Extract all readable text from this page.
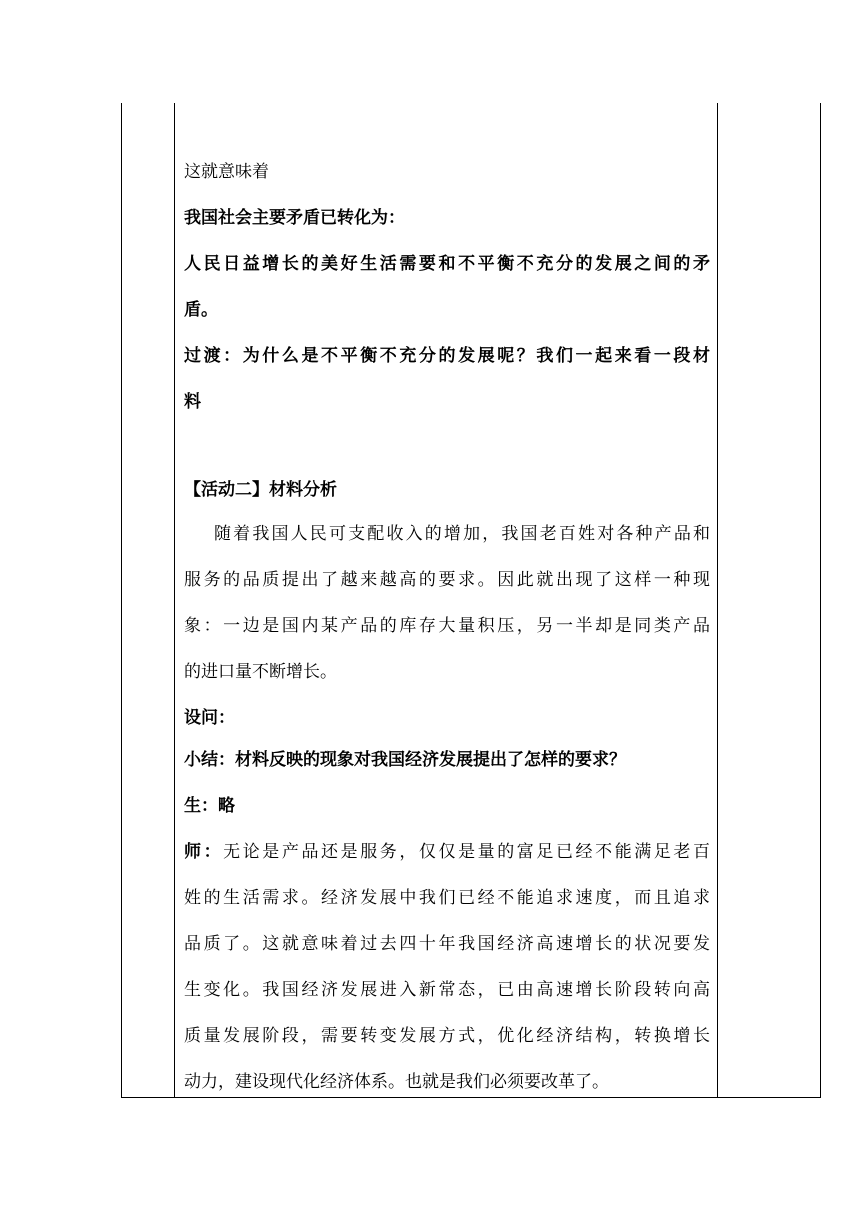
这就意味着
我国社会主要矛盾已转化为：
人民日益增长的美好生活需要和不平衡不充分的发展之间的矛
盾。
过渡：为什么是不平衡不充分的发展呢？我们一起来看一段材
料
【活动二】材料分析
随着我国人民可支配收入的增加，我国老百姓对各种产品和
服务的品质提出了越来越高的要求。因此就出现了这样一种现
象：一边是国内某产品的库存大量积压，另一半却是同类产品
的进口量不断增长。
设问：
小结：材料反映的现象对我国经济发展提出了怎样的要求？
生：略
师：无论是产品还是服务，仅仅是量的富足已经不能满足老百
姓的生活需求。经济发展中我们已经不能追求速度，而且追求
品质了。这就意味着过去四十年我国经济高速增长的状况要发
生变化。我国经济发展进入新常态，已由高速增长阶段转向高
质量发展阶段，需要转变发展方式，优化经济结构，转换增长
动力，建设现代化经济体系。也就是我们必须要改革了。
